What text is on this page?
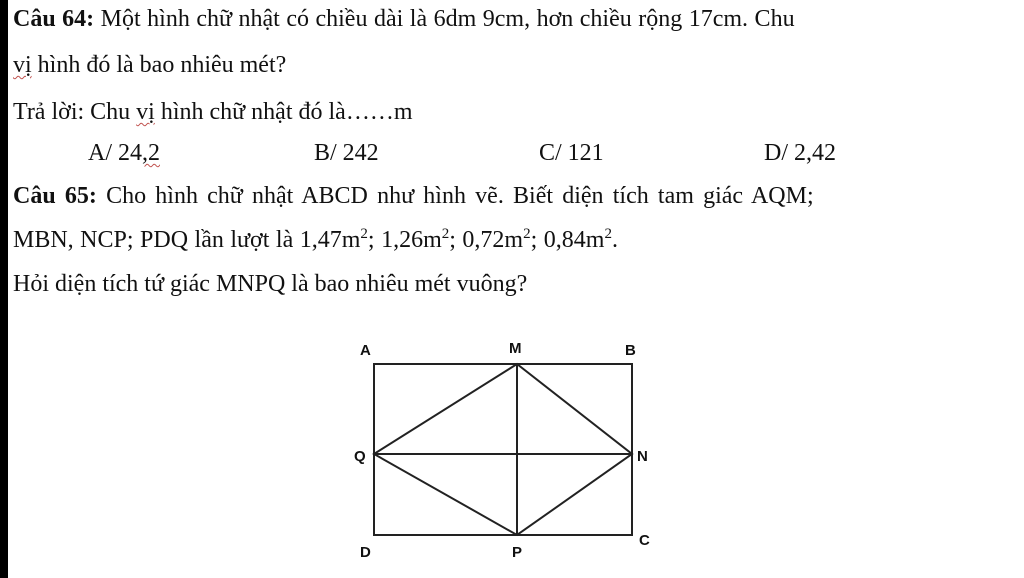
Câu 64: Một hình chữ nhật có chiều dài là 6dm 9cm, hơn chiều rộng 17cm. Chu
vị hình đó là bao nhiêu mét?
Trả lời: Chu vị hình chữ nhật đó là……m
A/ 24,2	B/ 242	C/ 121	D/ 2,42
Câu 65: Cho hình chữ nhật ABCD như hình vẽ. Biết diện tích tam giác AQM;
MBN, NCP; PDQ lần lượt là $1,47m^2$; $1,26m^2$; $0,72m^2$; $0,84m^2$.
Hỏi diện tích tứ giác MNPQ là bao nhiêu mét vuông?
A	M	B
Q	N
D	P
C
